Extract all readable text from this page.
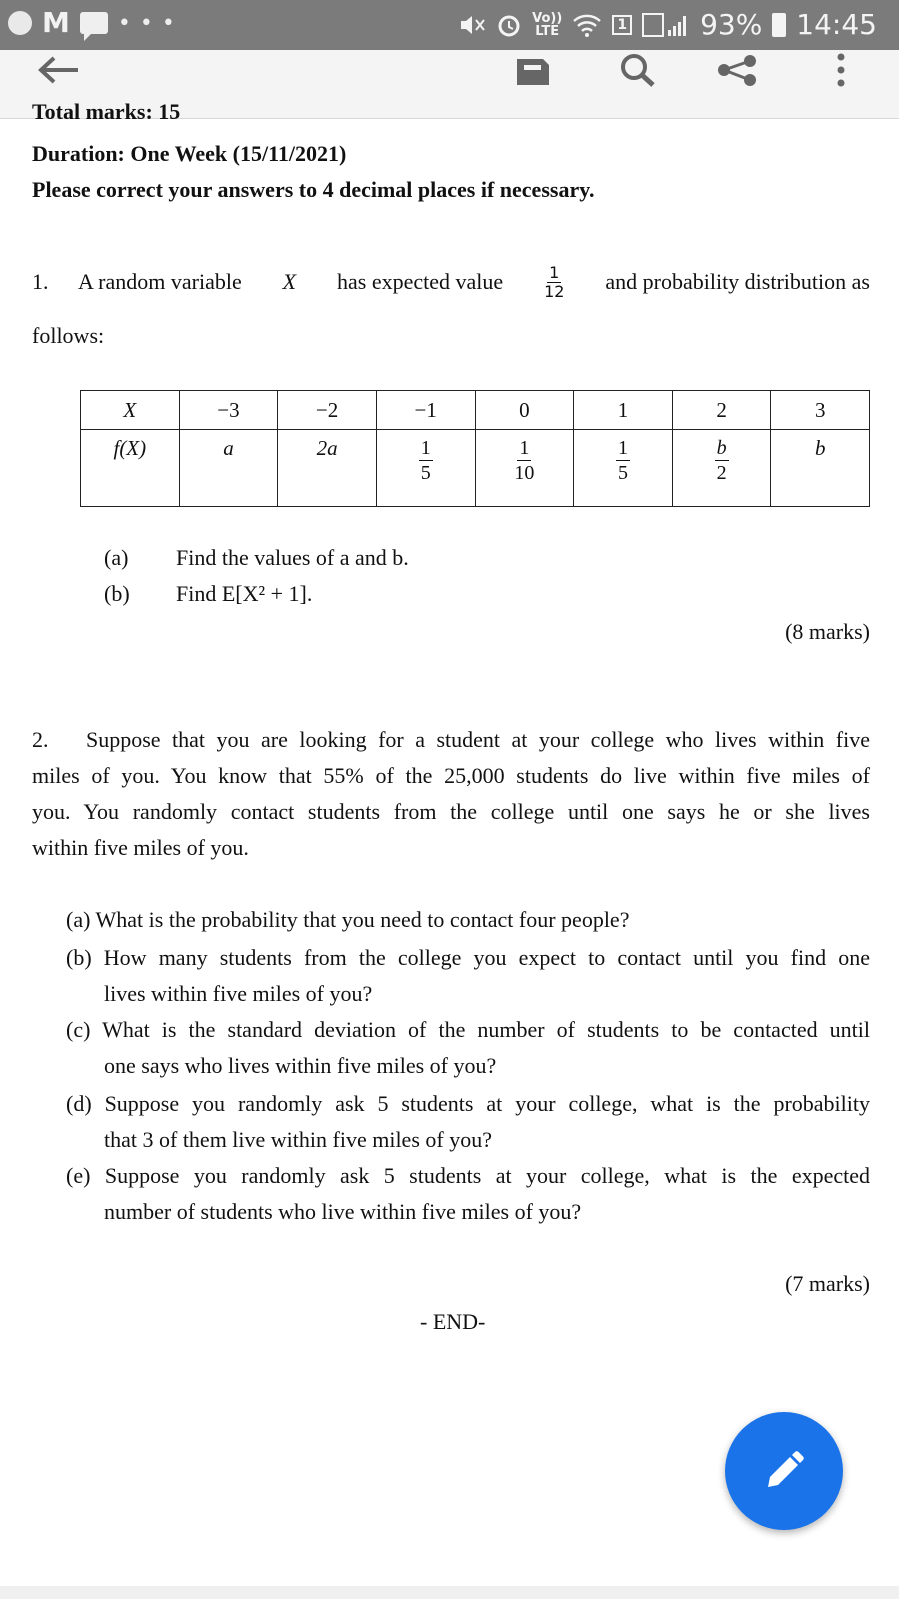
M • • •	Vo))
LTE	1	93% 14:45
Total marks: 15
Duration: One Week (15/11/2021)
Please correct your answers to 4 decimal places if necessary.
1. A random variable X has expected value	$\frac{1}{12}$ and probability distribution as
follows:
X	−3	−2	−1	0	1	2	3
f(X)	a	2a	$\frac{1}{5}$	$\frac{1}{10}$	$\frac{1}{5}$	$\frac{b}{2}$	b
(a) Find the values of a and b.
(b) Find E[X² + 1].
(8 marks)
2. Suppose that you are looking for a student at your college who lives within five
miles of you. You know that 55% of the 25,000 students do live within five miles of
you. You randomly contact students from the college until one says he or she lives
within five miles of you.
(a) What is the probability that you need to contact four people?
(b) How many students from the college you expect to contact until you find one
lives within five miles of you?
(c) What is the standard deviation of the number of students to be contacted until
one says who lives within five miles of you?
(d) Suppose you randomly ask 5 students at your college, what is the probability
that 3 of them live within five miles of you?
(e) Suppose you randomly ask 5 students at your college, what is the expected
number of students who live within five miles of you?
(7 marks)
- END-
